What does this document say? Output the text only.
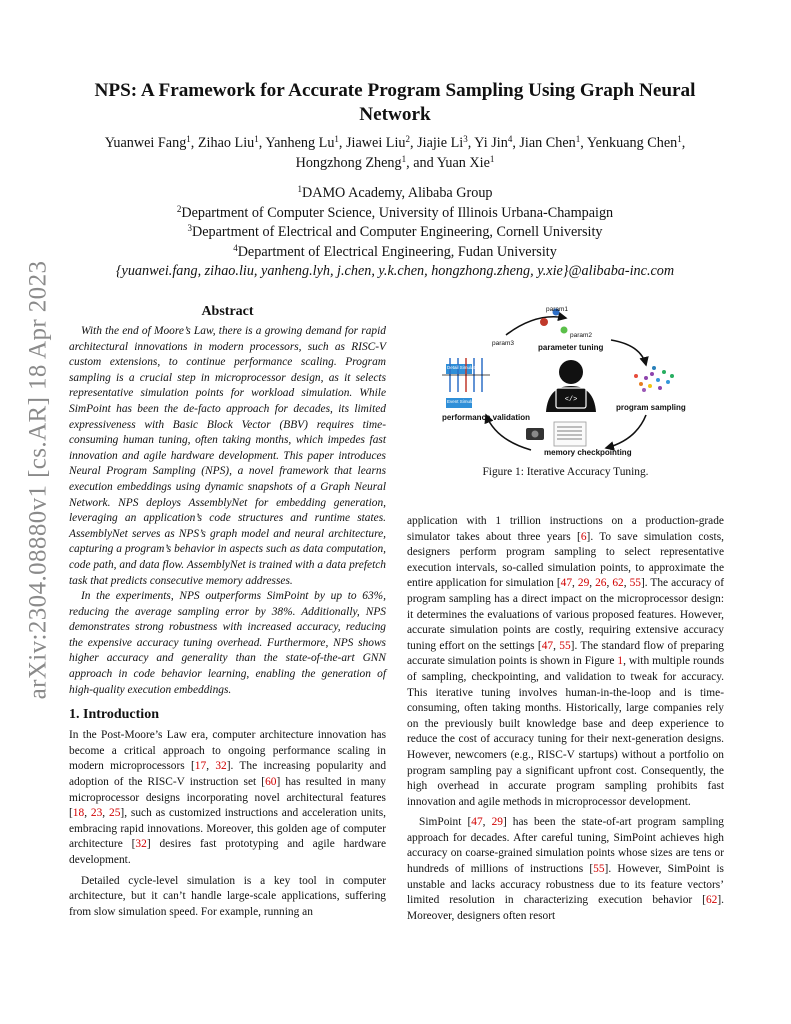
arXiv:2304.08880v1 [cs.AR] 18 Apr 2023
NPS: A Framework for Accurate Program Sampling Using Graph Neural Network
Yuanwei Fang$^1$, Zihao Liu$^1$, Yanheng Lu$^1$, Jiawei Liu$^2$, Jiajie Li$^3$, Yi Jin$^4$, Jian Chen$^1$, Yenkuang Chen$^1$,
Hongzhong Zheng$^1$, and Yuan Xie$^1$
$^1$DAMO Academy, Alibaba Group
$^2$Department of Computer Science, University of Illinois Urbana-Champaign
$^3$Department of Electrical and Computer Engineering, Cornell University
$^4$Department of Electrical Engineering, Fudan University
{yuanwei.fang, zihao.liu, yanheng.lyh, j.chen, y.k.chen, hongzhong.zheng, y.xie}@alibaba-inc.com
Abstract

With the end of Moore’s Law, there is a growing demand for rapid architectural innovations in modern processors, such as RISC-V custom extensions, to continue performance scaling. Program sampling is a crucial step in microprocessor design, as it selects representative simulation points for workload simulation. While SimPoint has been the de-facto approach for decades, its limited expressiveness with Basic Block Vector (BBV) requires time-consuming human tuning, often taking months, which impedes fast innovation and agile hardware development. This paper introduces Neural Program Sampling (NPS), a novel framework that learns execution embeddings using dynamic snapshots of a Graph Neural Network. NPS deploys AssemblyNet for embedding generation, leveraging an application’s code structures and runtime states. AssemblyNet serves as NPS’s graph model and neural architecture, capturing a program’s behavior in aspects such as data computation, code path, and data flow. AssemblyNet is trained with a data prefetch task that predicts consecutive memory addresses.

In the experiments, NPS outperforms SimPoint by up to 63%, reducing the average sampling error by 38%. Additionally, NPS demonstrates strong robustness with increased accuracy, reducing the expensive accuracy tuning overhead. Furthermore, NPS shows higher accuracy and generality than the state-of-the-art GNN approach in code behavior learning, enabling the generation of high-quality execution embeddings.

1. Introduction

In the Post-Moore’s Law era, computer architecture innovation has become a critical approach to ongoing performance scaling in modern microprocessors [17, 32]. The increasing popularity and adoption of the RISC-V instruction set [60] has resulted in many microprocessor designs incorporating novel architectural features [18, 23, 25], such as customized instructions and acceleration units, embracing rapid innovations. Moreover, this golden age of computer architecture [32] desires fast prototyping and agile hardware development.

Detailed cycle-level simulation is a key tool in computer architecture, but it can’t handle large-scale applications, suffering from slow simulation speed. For example, running an

</>
param1
param2
param3	parameter tuning
program sampling
memory checkpointing
performance validation
Detail Simulator
Event Simulator
Figure 1: Iterative Accuracy Tuning.

application with 1 trillion instructions on a production-grade simulator takes about three years [6]. To save simulation costs, designers perform program sampling to select representative execution intervals, so-called simulation points, to approximate the entire application for simulation [47, 29, 26, 62, 55]. The accuracy of program sampling has a direct impact on the microprocessor design: it determines the evaluations of various proposed features. However, accurate simulation points are costly, requiring extensive accuracy tuning effort on the settings [47, 55]. The standard flow of preparing accurate simulation points is shown in Figure 1, with multiple rounds of sampling, checkpointing, and validation to tweak for accuracy. This iterative tuning involves human-in-the-loop and is time-consuming, often taking months. Historically, large companies rely on the previously built knowledge base and deep experience to reduce the cost of accuracy tuning for their next-generation designs. However, newcomers (e.g., RISC-V startups) without a portfolio on program sampling pay a significant upfront cost. Consequently, the high overhead in accurate program sampling prohibits fast innovation and agile methods in microprocessor development.

SimPoint [47, 29] has been the state-of-art program sampling approach for decades. After careful tuning, SimPoint achieves high accuracy on coarse-grained simulation points whose sizes are tens or hundreds of millions of instructions [55]. However, SimPoint is unstable and lacks accuracy robustness due to its feature vectors’ limited resolution in characterizing execution behavior [62]. Moreover, designers often resort
